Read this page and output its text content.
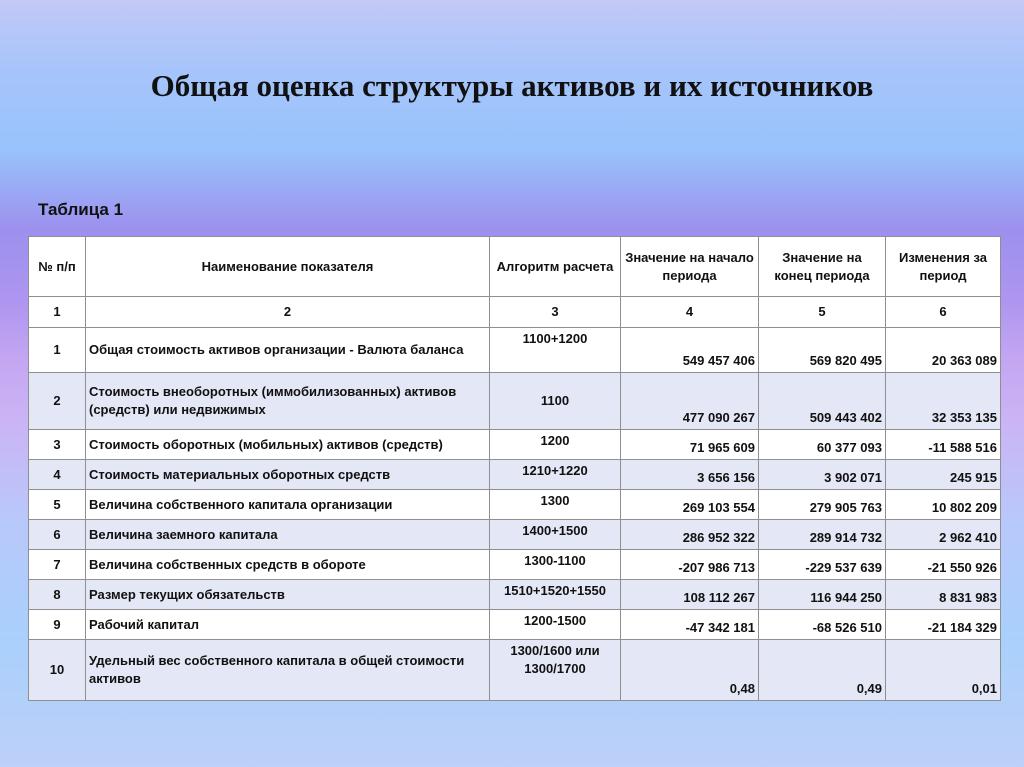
Общая оценка структуры активов и их источников
Таблица 1
№ п/п	Наименование показателя	Алгоритм расчета	Значение на начало периода	Значение на конец периода	Изменения за период
1	2	3	4	5	6
1	Общая стоимость активов организации - Валюта баланса	1100+1200	549 457 406	569 820 495	20 363 089
2	Стоимость внеоборотных (иммобилизованных) активов (средств) или недвижимых	1100	477 090 267	509 443 402	32 353 135
3	Стоимость оборотных (мобильных) активов (средств)	1200	71 965 609	60 377 093	-11 588 516
4	Стоимость материальных оборотных средств	1210+1220	3 656 156	3 902 071	245 915
5	Величина собственного капитала организации	1300	269 103 554	279 905 763	10 802 209
6	Величина заемного капитала	1400+1500	286 952 322	289 914 732	2 962 410
7	Величина собственных средств в обороте	1300-1100	-207 986 713	-229 537 639	-21 550 926
8	Размер текущих обязательств	1510+1520+1550	108 112 267	116 944 250	8 831 983
9	Рабочий капитал	1200-1500	-47 342 181	-68 526 510	-21 184 329
10	Удельный вес собственного капитала в общей стоимости активов	1300/1600 или 1300/1700	0,48	0,49	0,01
